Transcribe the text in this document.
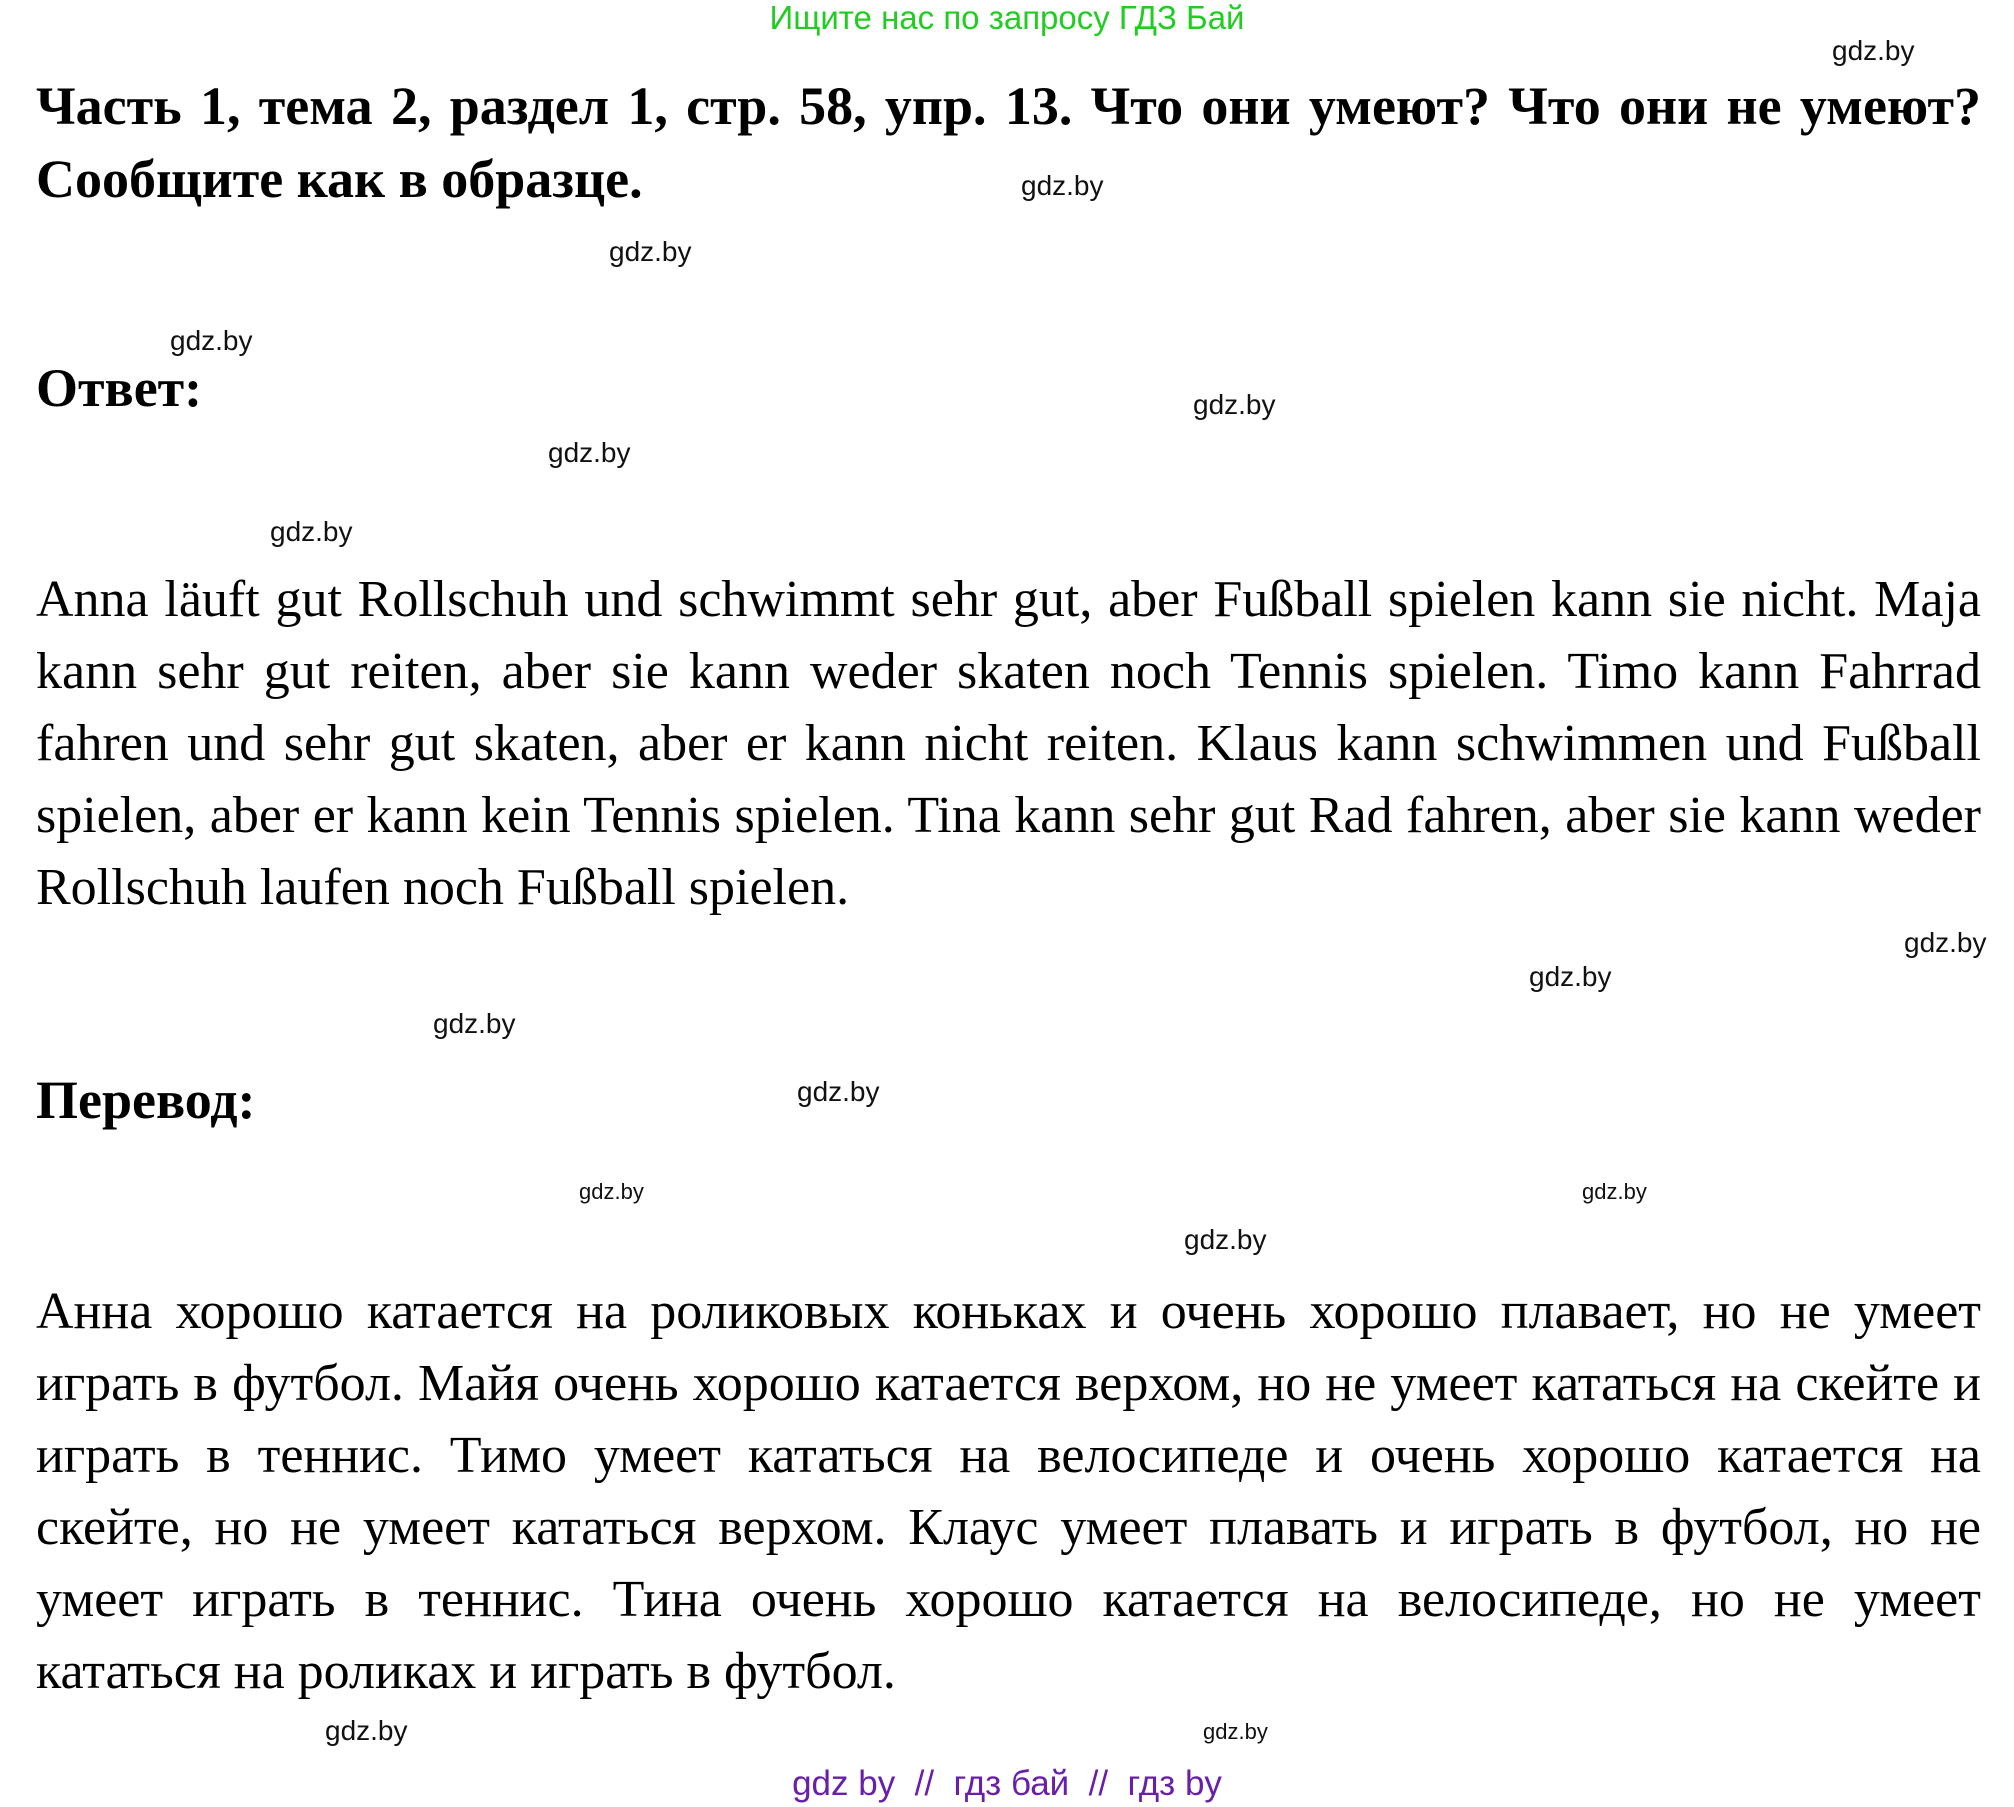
Ищите нас по запросу ГДЗ Бай
Часть 1, тема 2, раздел 1, стр. 58, упр. 13. Что они умеют? Что они не умеют? Сообщите как в образце.
Ответ:
Anna läuft gut Rollschuh und schwimmt sehr gut, aber Fußball spielen kann sie nicht. Maja kann sehr gut reiten, aber sie kann weder skaten noch Tennis spielen. Timo kann Fahrrad fahren und sehr gut skaten, aber er kann nicht reiten. Klaus kann schwimmen und Fußball spielen, aber er kann kein Tennis spielen. Tina kann sehr gut Rad fahren, aber sie kann weder Rollschuh laufen noch Fußball spielen.
Перевод:
Анна хорошо катается на роликовых коньках и очень хорошо плавает, но не умеет играть в футбол. Майя очень хорошо катается верхом, но не умеет кататься на скейте и играть в теннис. Тимо умеет кататься на велосипеде и очень хорошо катается на скейте, но не умеет кататься верхом. Клаус умеет плавать и играть в футбол, но не умеет играть в теннис. Тина очень хорошо катается на велосипеде, но не умеет кататься на роликах и играть в футбол.
gdz.by
gdz.by
gdz.by
gdz.by
gdz.by
gdz.by
gdz.by
gdz.by
gdz.by
gdz.by
gdz.by
gdz.by
gdz.by	gdz.by
gdz.by
gdz.by
gdz by  //  гдз бай  //  гдз by
